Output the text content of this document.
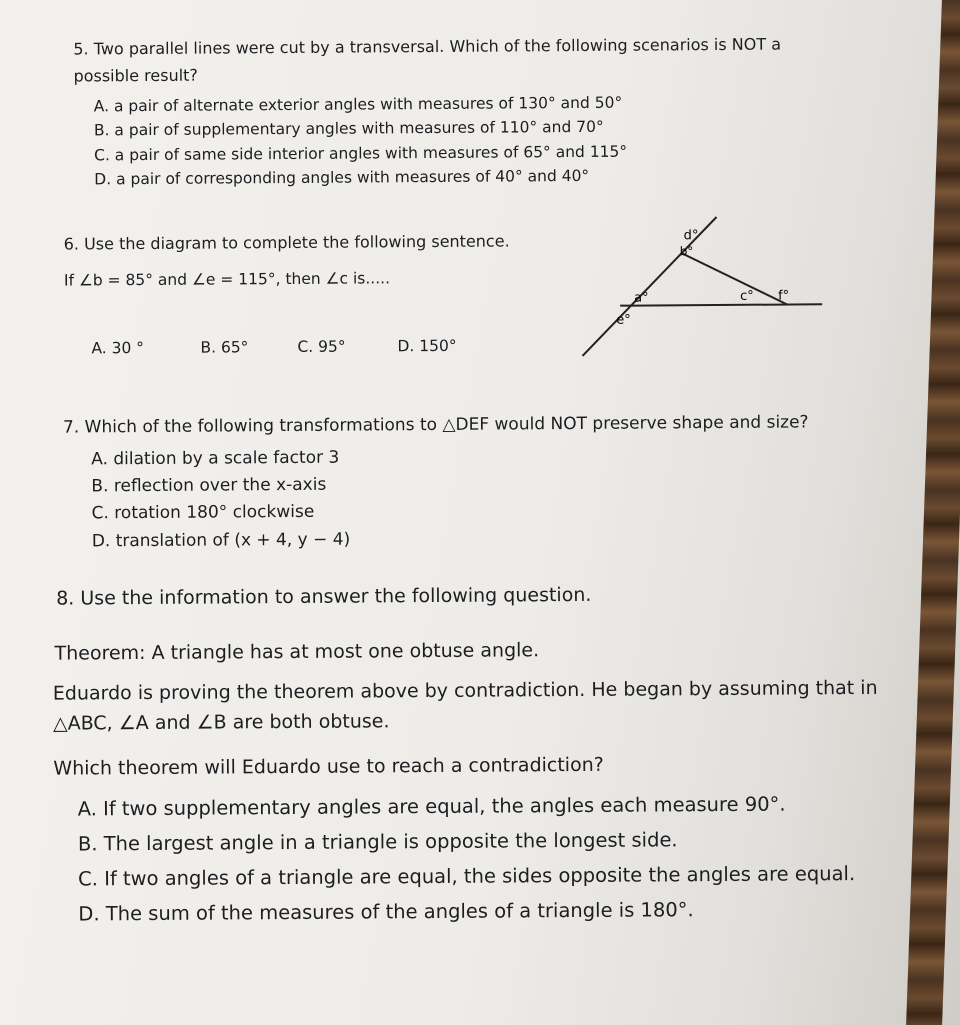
5. Two parallel lines were cut by a transversal. Which of the following scenarios is NOT a
possible result?
A. a pair of alternate exterior angles with measures of 130° and 50°
B. a pair of supplementary angles with measures of 110° and 70°
C. a pair of same side interior angles with measures of 65° and 115°
D. a pair of corresponding angles with measures of 40° and 40°
6. Use the diagram to complete the following sentence.
If ∠b = 85° and ∠e = 115°, then ∠c is.....
A. 30 °	B. 65°	C. 95°	D. 150°
d°
b°
a°	c° f°
e°
7. Which of the following transformations to △DEF would NOT preserve shape and size?
A. dilation by a scale factor 3
B. reflection over the x-axis
C. rotation 180° clockwise
D. translation of (x + 4, y − 4)
8. Use the information to answer the following question.
Theorem: A triangle has at most one obtuse angle.
Eduardo is proving the theorem above by contradiction. He began by assuming that in
△ABC, ∠A and ∠B are both obtuse.
Which theorem will Eduardo use to reach a contradiction?
A. If two supplementary angles are equal, the angles each measure 90°.
B. The largest angle in a triangle is opposite the longest side.
C. If two angles of a triangle are equal, the sides opposite the angles are equal.
D. The sum of the measures of the angles of a triangle is 180°.
